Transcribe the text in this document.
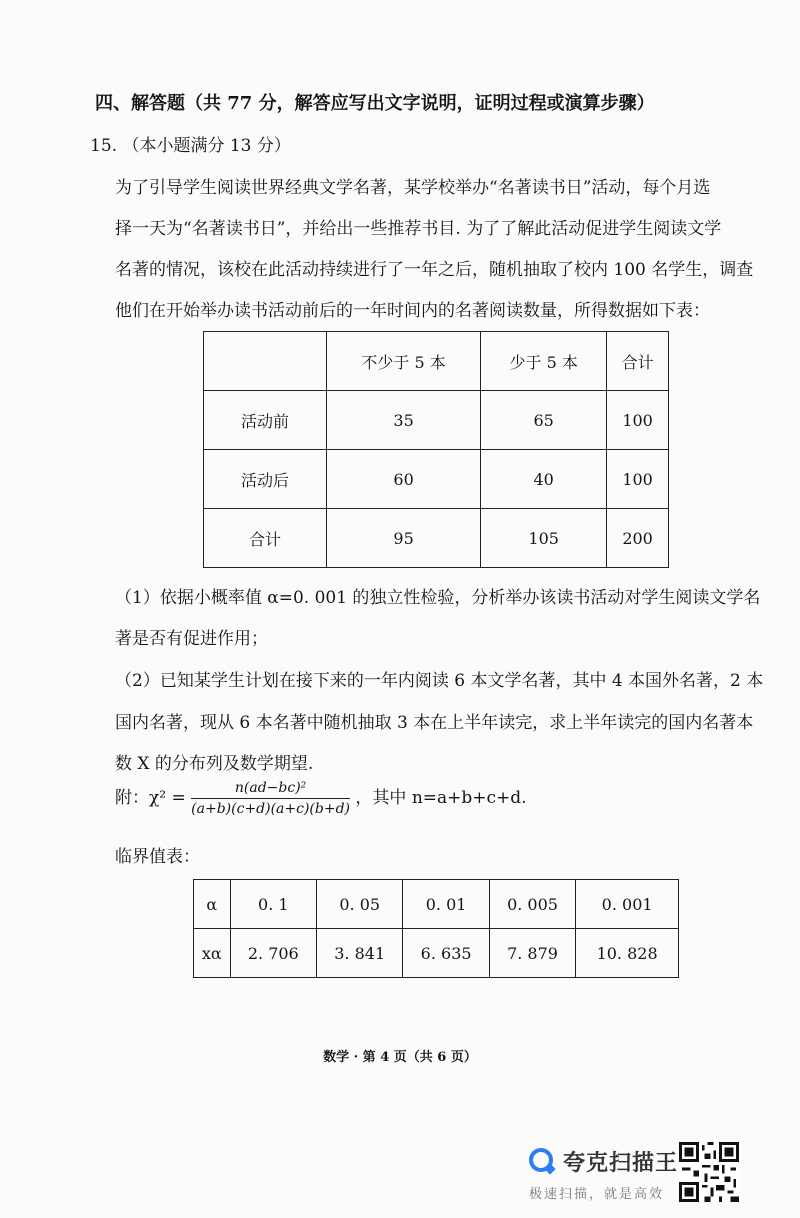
四、解答题（共 77 分，解答应写出文字说明，证明过程或演算步骤）
15. （本小题满分 13 分）
为了引导学生阅读世界经典文学名著，某学校举办“名著读书日”活动，每个月选
择一天为“名著读书日”，并给出一些推荐书目. 为了了解此活动促进学生阅读文学
名著的情况，该校在此活动持续进行了一年之后，随机抽取了校内 100 名学生，调查
他们在开始举办读书活动前后的一年时间内的名著阅读数量，所得数据如下表：
	不少于 5 本	少于 5 本	合计
活动前	35	65	100
活动后	60	40	100
合计	95	105	200
（1）依据小概率值 α=0. 001 的独立性检验，分析举办该读书活动对学生阅读文学名
著是否有促进作用；
（2）已知某学生计划在接下来的一年内阅读 6 本文学名著，其中 4 本国外名著，2 本
国内名著，现从 6 本名著中随机抽取 3 本在上半年读完，求上半年读完的国内名著本
数 X 的分布列及数学期望.
附：$\chi^2 = \frac{\text{n(ad−bc)²}}{(a+b)(c+d)(a+c)(b+d)}$ ，其中 n=a+b+c+d.
临界值表：
α	0. 1	0. 05	0. 01	0. 005	0. 001
xα	2. 706	3. 841	6. 635	7. 879	10. 828
数学 · 第 4 页（共 6 页）
夸克扫描王
极速扫描，就是高效
